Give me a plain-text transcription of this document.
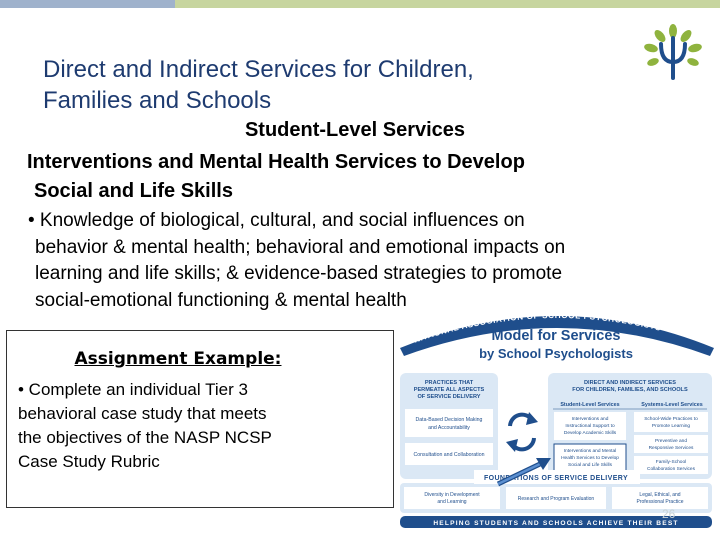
Direct and Indirect Services for Children,
Families and Schools
Student-Level Services
Interventions and Mental Health Services to Develop
Social and Life Skills
• Knowledge of biological, cultural, and social influences on
behavior & mental health; behavioral and emotional impacts on
learning and life skills; & evidence-based strategies to promote
social-emotional functioning & mental health
Assignment Example:
• Complete an individual Tier 3
behavioral case study that meets
the objectives of the NASP NCSP
Case Study Rubric
NATIONAL ASSOCIATION OF SCHOOL PSYCHOLOGISTS
Model for Services
by School Psychologists
PRACTICES THAT
PERMEATE ALL ASPECTS
OF SERVICE DELIVERY
Data-Based Decision Making
and Accountability
Consultation and Collaboration
DIRECT AND INDIRECT SERVICES
FOR CHILDREN, FAMILIES, AND SCHOOLS
Student-Level Services	Systems-Level Services
Interventions and
Instructional Support to
Develop Academic Skills
Interventions and Mental
Health Services to Develop
Social and Life Skills
School-Wide Practices to
Promote Learning
Preventive and
Responsive Services
Family-School
Collaboration Services
FOUNDATIONS OF SERVICE DELIVERY
Diversity in Development
and Learning	Research and Program Evaluation
Legal, Ethical, and
Professional Practice
HELPING STUDENTS AND SCHOOLS ACHIEVE THEIR BEST
26
